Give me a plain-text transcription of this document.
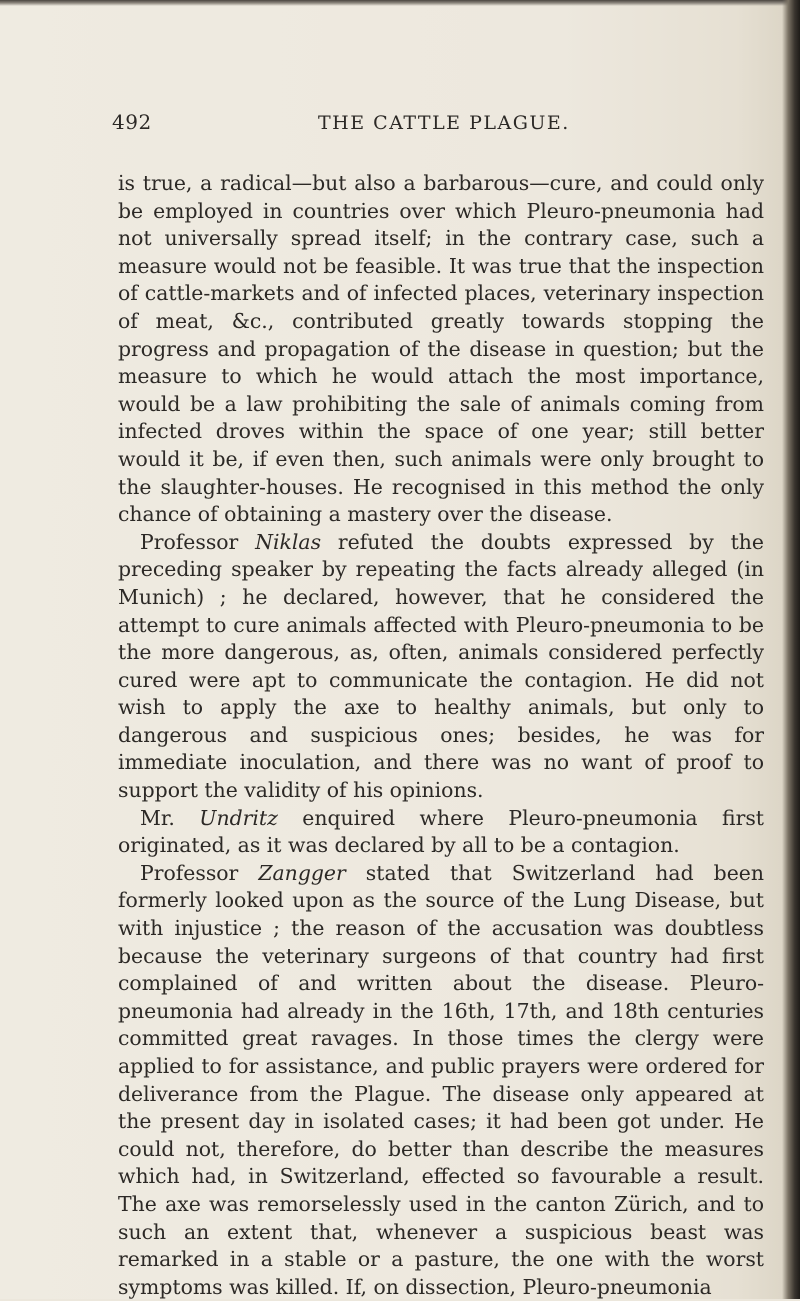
492	THE CATTLE PLAGUE.

is true, a radical—but also a barbarous—cure, and could only be employed in countries over which Pleuro-pneumonia had not universally spread itself; in the contrary case, such a measure would not be feasible. It was true that the inspection of cattle-markets and of infected places, veterinary inspection of meat, &c., contributed greatly towards stopping the progress and propagation of the disease in question; but the measure to which he would attach the most importance, would be a law prohibiting the sale of animals coming from infected droves within the space of one year; still better would it be, if even then, such animals were only brought to the slaughter-houses. He recognised in this method the only chance of obtaining a mastery over the disease.

Professor Niklas refuted the doubts expressed by the preceding speaker by repeating the facts already alleged (in Munich) ; he declared, however, that he considered the attempt to cure animals affected with Pleuro-pneumonia to be the more dangerous, as, often, animals considered perfectly cured were apt to communicate the contagion. He did not wish to apply the axe to healthy animals, but only to dangerous and suspicious ones; besides, he was for immediate inoculation, and there was no want of proof to support the validity of his opinions.

Mr. Undritz enquired where Pleuro-pneumonia first originated, as it was declared by all to be a contagion.

Professor Zangger stated that Switzerland had been formerly looked upon as the source of the Lung Disease, but with injustice ; the reason of the accusation was doubtless because the veterinary surgeons of that country had first complained of and written about the disease. Pleuro-pneumonia had already in the 16th, 17th, and 18th centuries committed great ravages. In those times the clergy were applied to for assistance, and public prayers were ordered for deliverance from the Plague. The disease only appeared at the present day in isolated cases; it had been got under. He could not, therefore, do better than describe the measures which had, in Switzerland, effected so favourable a result. The axe was remorselessly used in the canton Zürich, and to such an extent that, whenever a suspicious beast was remarked in a stable or a pasture, the one with the worst symptoms was killed. If, on dissection, Pleuro-pneumonia
